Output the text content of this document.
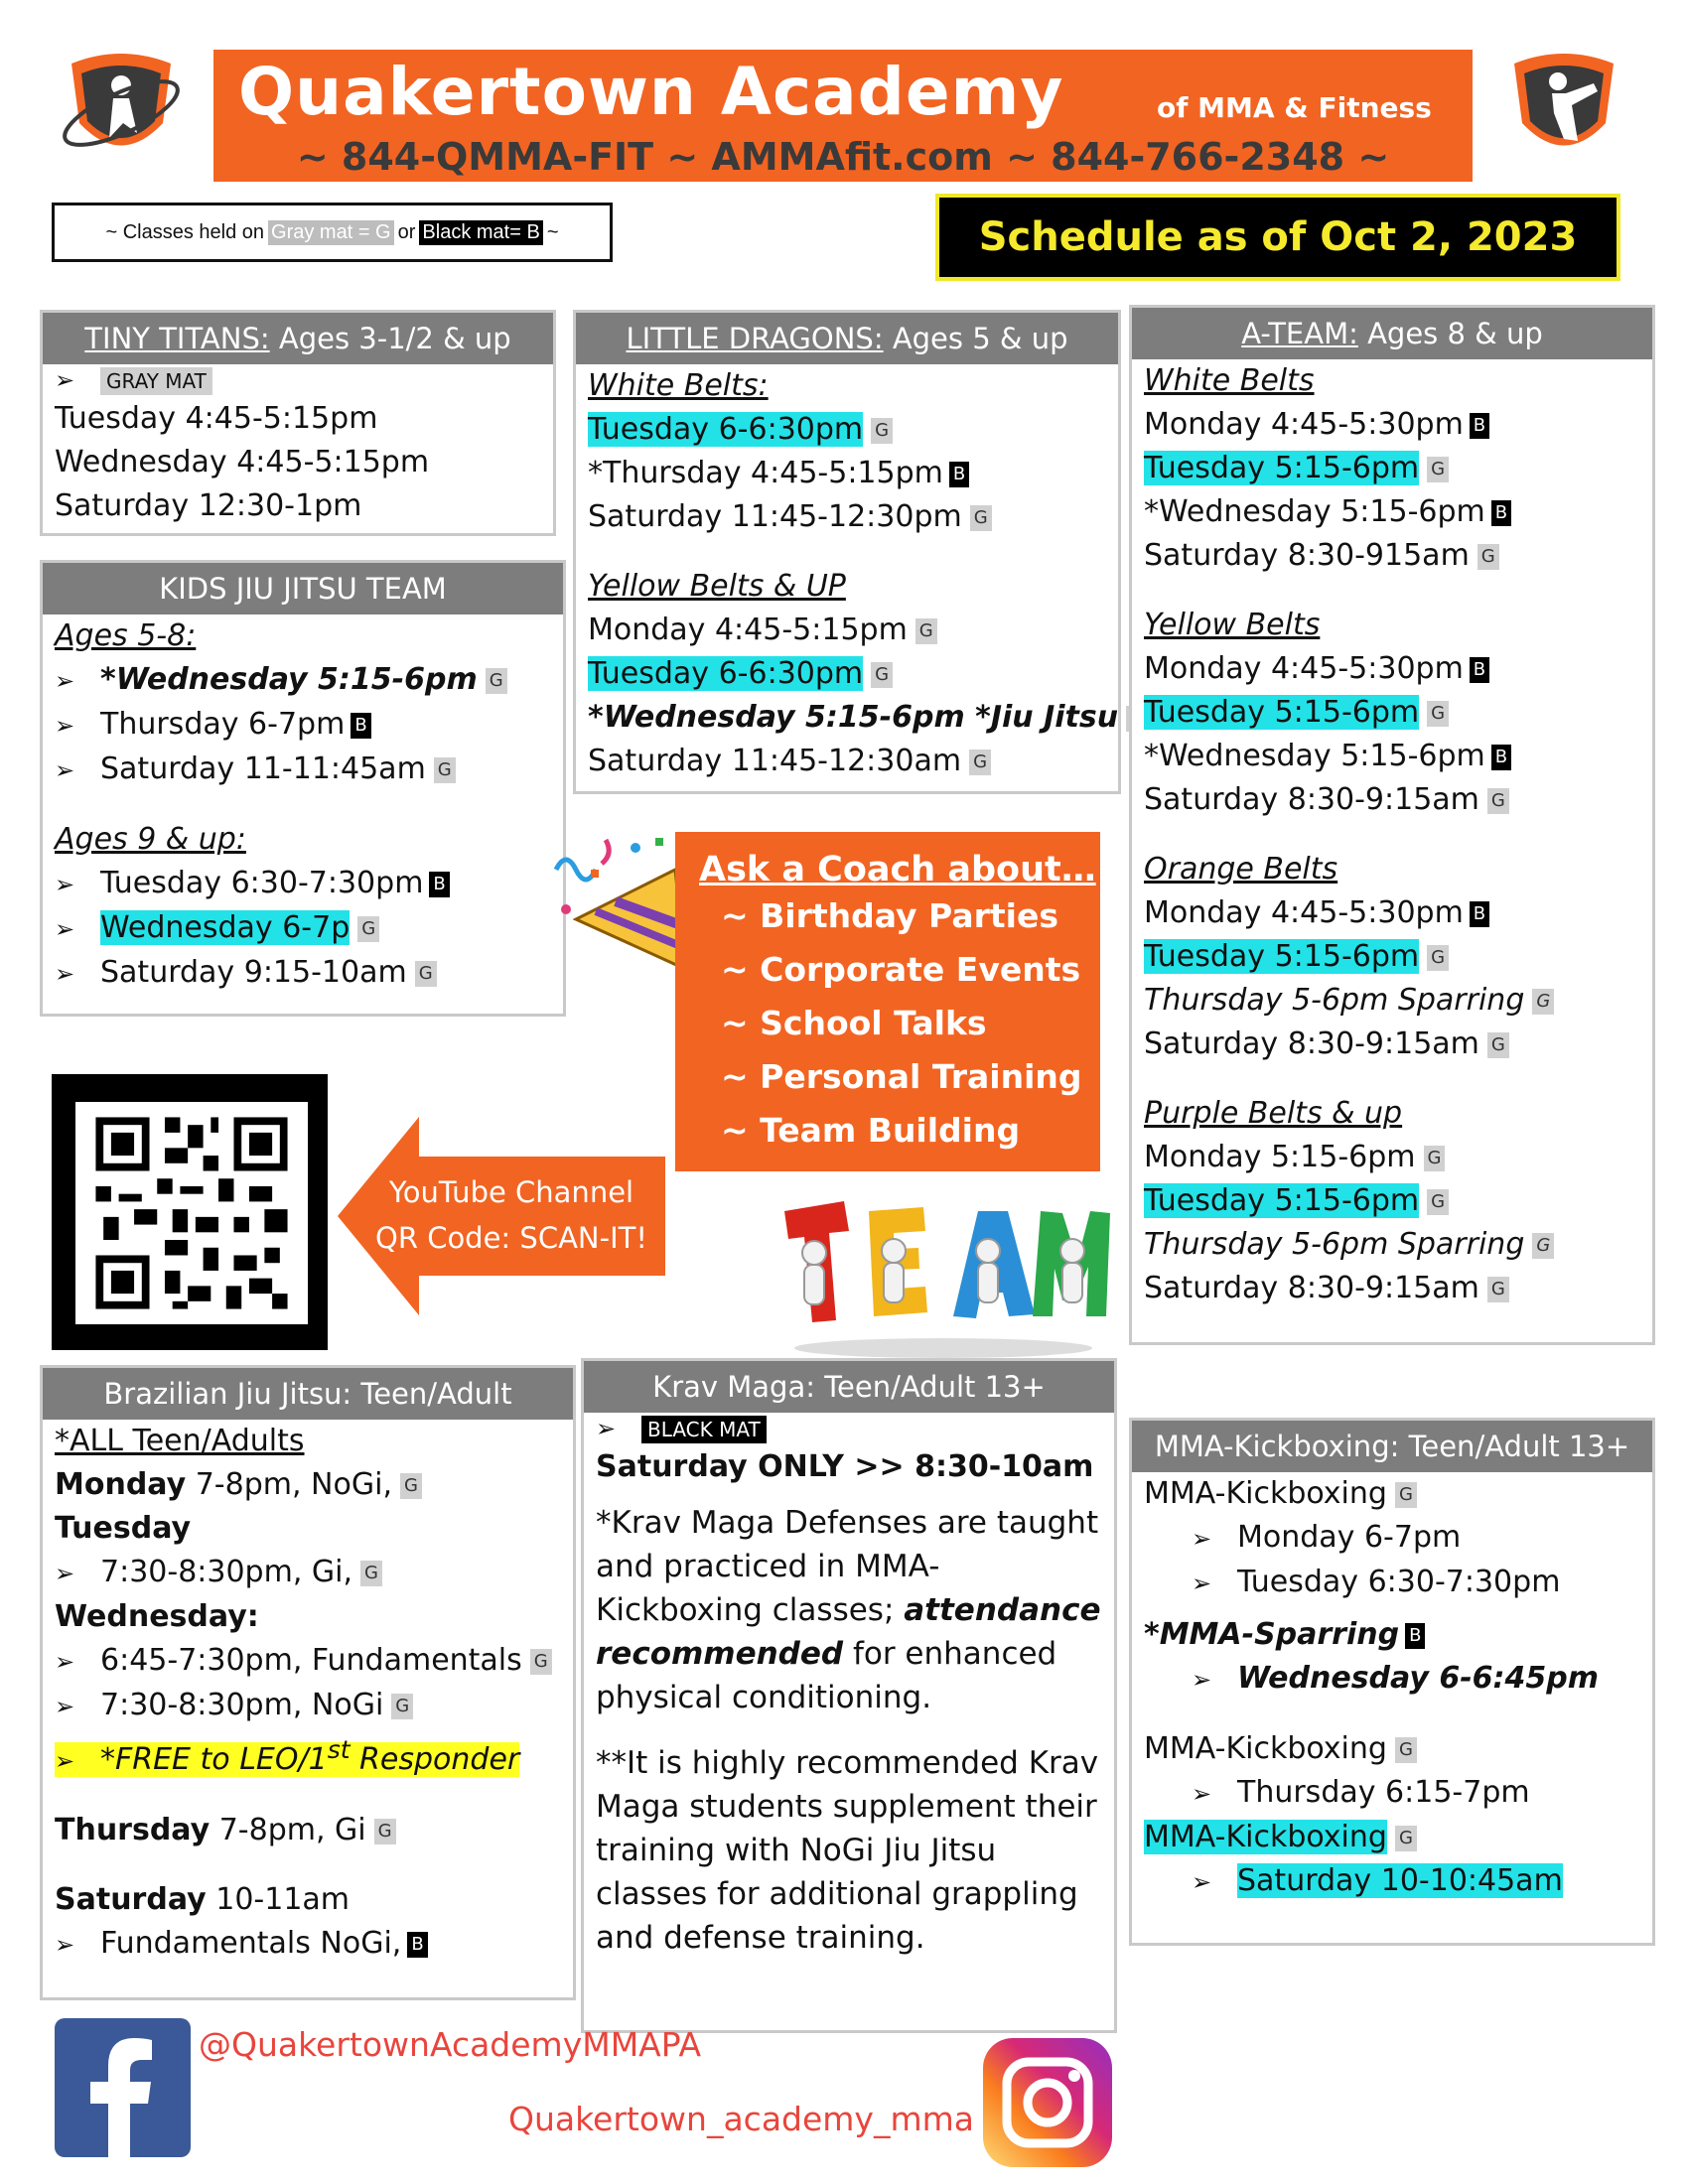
Quakertown Academy	of MMA & Fitness
~ 844-QMMA-FIT ~ AMMAfit.com ~ 844-766-2348 ~
~ Classes held on Gray mat = G or Black mat= B ~	Schedule as of Oct 2, 2023
TINY TITANS:
Ages 3-1/2 & up
➢ GRAY MAT
Tuesday 4:45-5:15pm
Wednesday 4:45-5:15pm
Saturday 12:30-1pm
KIDS JIU JITSU TEAM
Ages 5-8:
➢ *Wednesday 5:15-6pm G
➢ Thursday 6-7pm B
➢ Saturday 11-11:45am G
Ages 9 & up:
➢ Tuesday 6:30-7:30pm B
➢ Wednesday 6-7p G
➢ Saturday 9:15-10am G
LITTLE DRAGONS:
Ages 5 & up
White Belts:
Tuesday 6-6:30pm G
*Thursday 4:45-5:15pm B
Saturday 11:45-12:30pm G
Yellow Belts & UP
Monday 4:45-5:15pm G
Tuesday 6-6:30pm G
*Wednesday 5:15-6pm *Jiu Jitsu
Saturday 11:45-12:30am G
A-TEAM:
Ages 8 & up
White Belts
Monday 4:45-5:30pm B
Tuesday 5:15-6pm G
*Wednesday 5:15-6pm B
Saturday 8:30-915am G
Yellow Belts
Monday 4:45-5:30pm B
Tuesday 5:15-6pm G
*Wednesday 5:15-6pm B
Saturday 8:30-9:15am G
Orange Belts
Monday 4:45-5:30pm B
Tuesday 5:15-6pm G
Thursday 5-6pm Sparring G
Saturday 8:30-9:15am G
Purple Belts & up
Monday 5:15-6pm G
Tuesday 5:15-6pm G
Thursday 5-6pm Sparring G
Saturday 8:30-9:15am G
Ask a Coach about…
~ Birthday Parties
~ Corporate Events
~ School Talks
~ Personal Training
~ Team Building
YouTube Channel
QR Code: SCAN-IT!
Brazilian Jiu Jitsu: Teen/Adult
*ALL Teen/Adults
Monday 7-8pm, NoGi, G
Tuesday
➢ 7:30-8:30pm, Gi, G
Wednesday:
➢ 6:45-7:30pm, Fundamentals G
➢ 7:30-8:30pm, NoGi G
➢ *FREE to LEO/1st Responder
Thursday 7-8pm, Gi G
Saturday 10-11am
➢ Fundamentals NoGi, B
Krav Maga: Teen/Adult 13+
➢ BLACK MAT
Saturday ONLY >> 8:30-10am

*Krav Maga Defenses are taught and practiced in MMA-Kickboxing classes; attendance recommended for enhanced physical conditioning.

**It is highly recommended Krav Maga students supplement their training with NoGi Jiu Jitsu classes for additional grappling and defense training.

MMA-Kickboxing: Teen/Adult 13+
MMA-Kickboxing G
➢ Monday 6-7pm
➢ Tuesday 6:30-7:30pm
*MMA-Sparring B
➢ Wednesday 6-6:45pm
MMA-Kickboxing G
➢ Thursday 6:15-7pm
MMA-Kickboxing G
➢ Saturday 10-10:45am
@QuakertownAcademyMMAPA
Quakertown_academy_mma
